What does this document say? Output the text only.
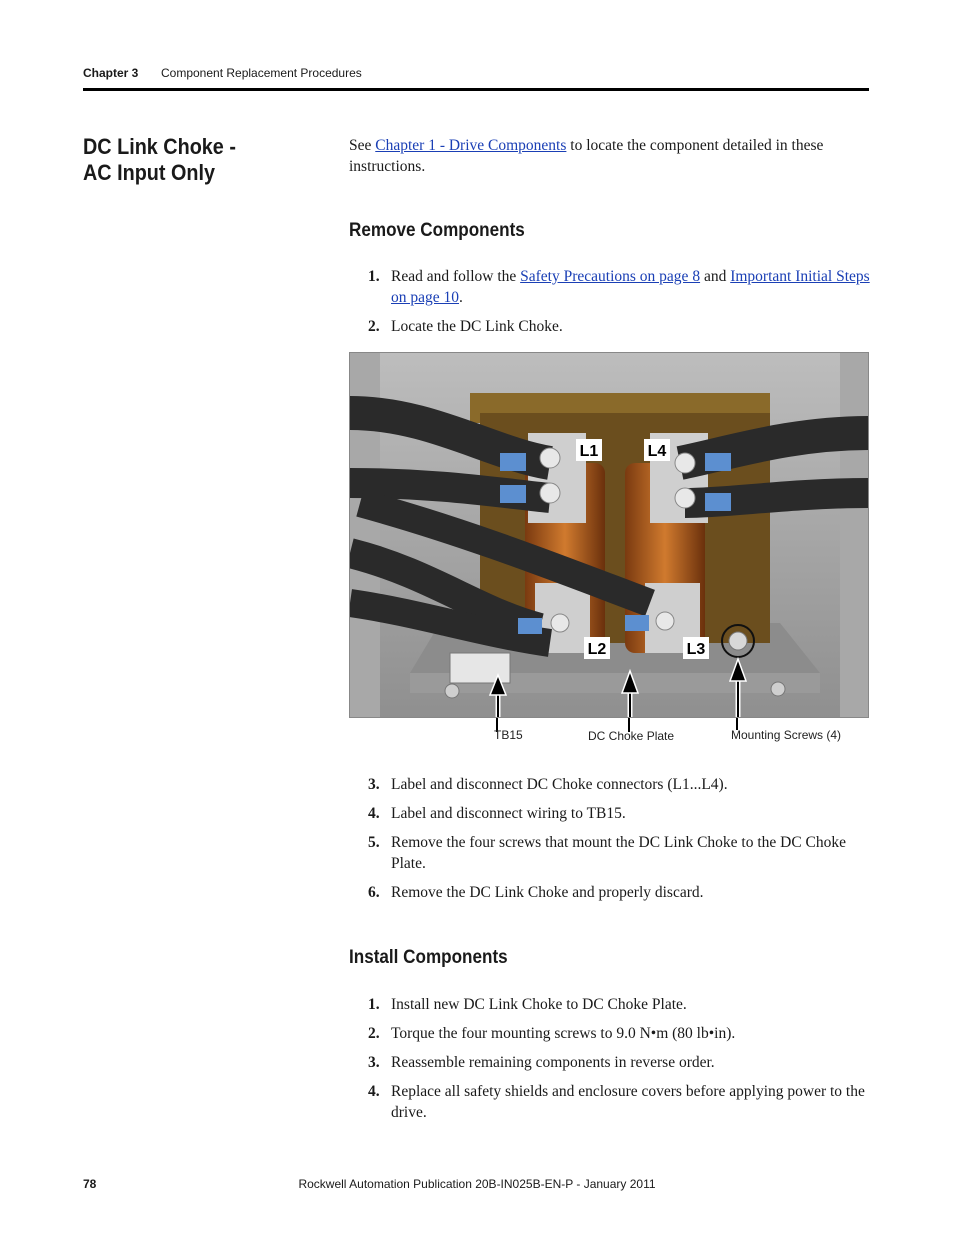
Chapter 3 Component Replacement Procedures
DC Link Choke -
AC Input Only
See Chapter 1 - Drive Components to locate the component detailed in these instructions.
Remove Components
1. Read and follow the Safety Precautions on page 8 and Important Initial Steps on page 10.
2. Locate the DC Link Choke.
L1	L4
L2	L3
TB15	DC Choke Plate	Mounting Screws (4)
3. Label and disconnect DC Choke connectors (L1...L4).
4. Label and disconnect wiring to TB15.
5. Remove the four screws that mount the DC Link Choke to the DC Choke Plate.
6. Remove the DC Link Choke and properly discard.
Install Components
1. Install new DC Link Choke to DC Choke Plate.
2. Torque the four mounting screws to 9.0 N•m (80 lb•in).
3. Reassemble remaining components in reverse order.
4. Replace all safety shields and enclosure covers before applying power to the drive.
78	Rockwell Automation Publication 20B-IN025B-EN-P - January 2011
